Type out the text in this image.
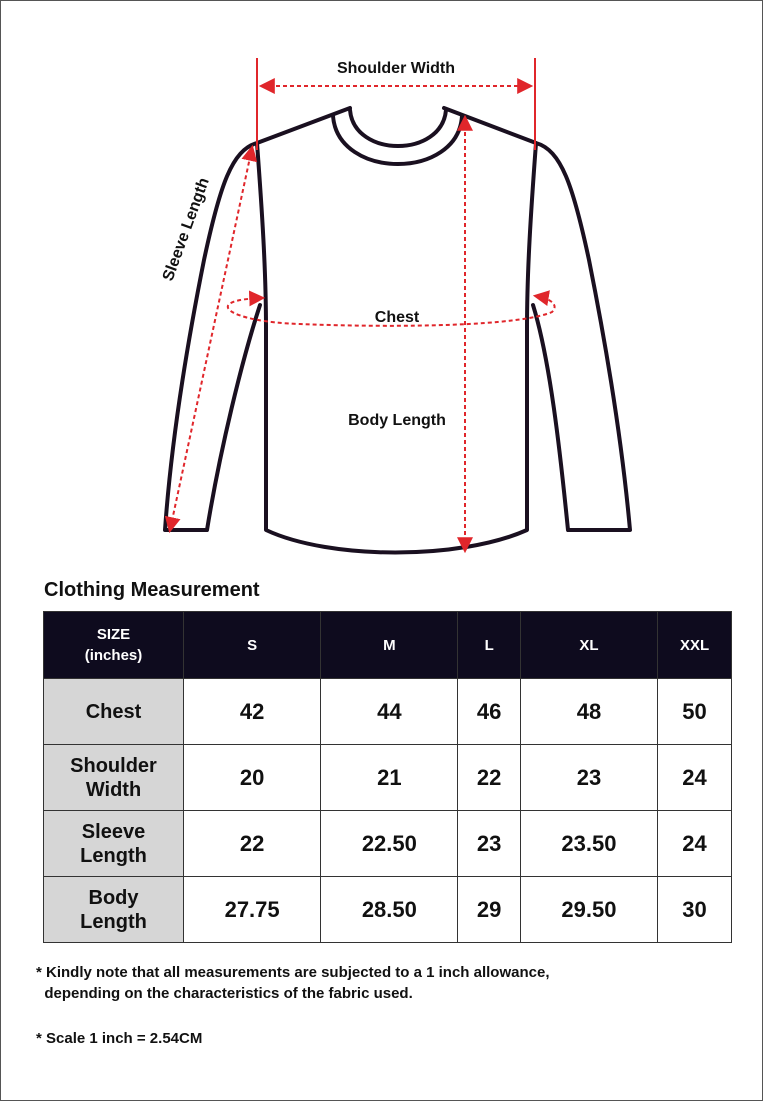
Shoulder Width
Sleeve Length
Chest
Body Length
Clothing Measurement
SIZE
(inches)	S	M	L	XL	XXL
Chest	42	44	46	48	50
Shoulder
Width	20	21	22	23	24
Sleeve
Length	22	22.50	23	23.50	24
Body
Length	27.75	28.50	29	29.50	30

* Kindly note that all measurements are subjected to a 1 inch allowance,
depending on the characteristics of the fabric used.

* Scale 1 inch = 2.54CM
